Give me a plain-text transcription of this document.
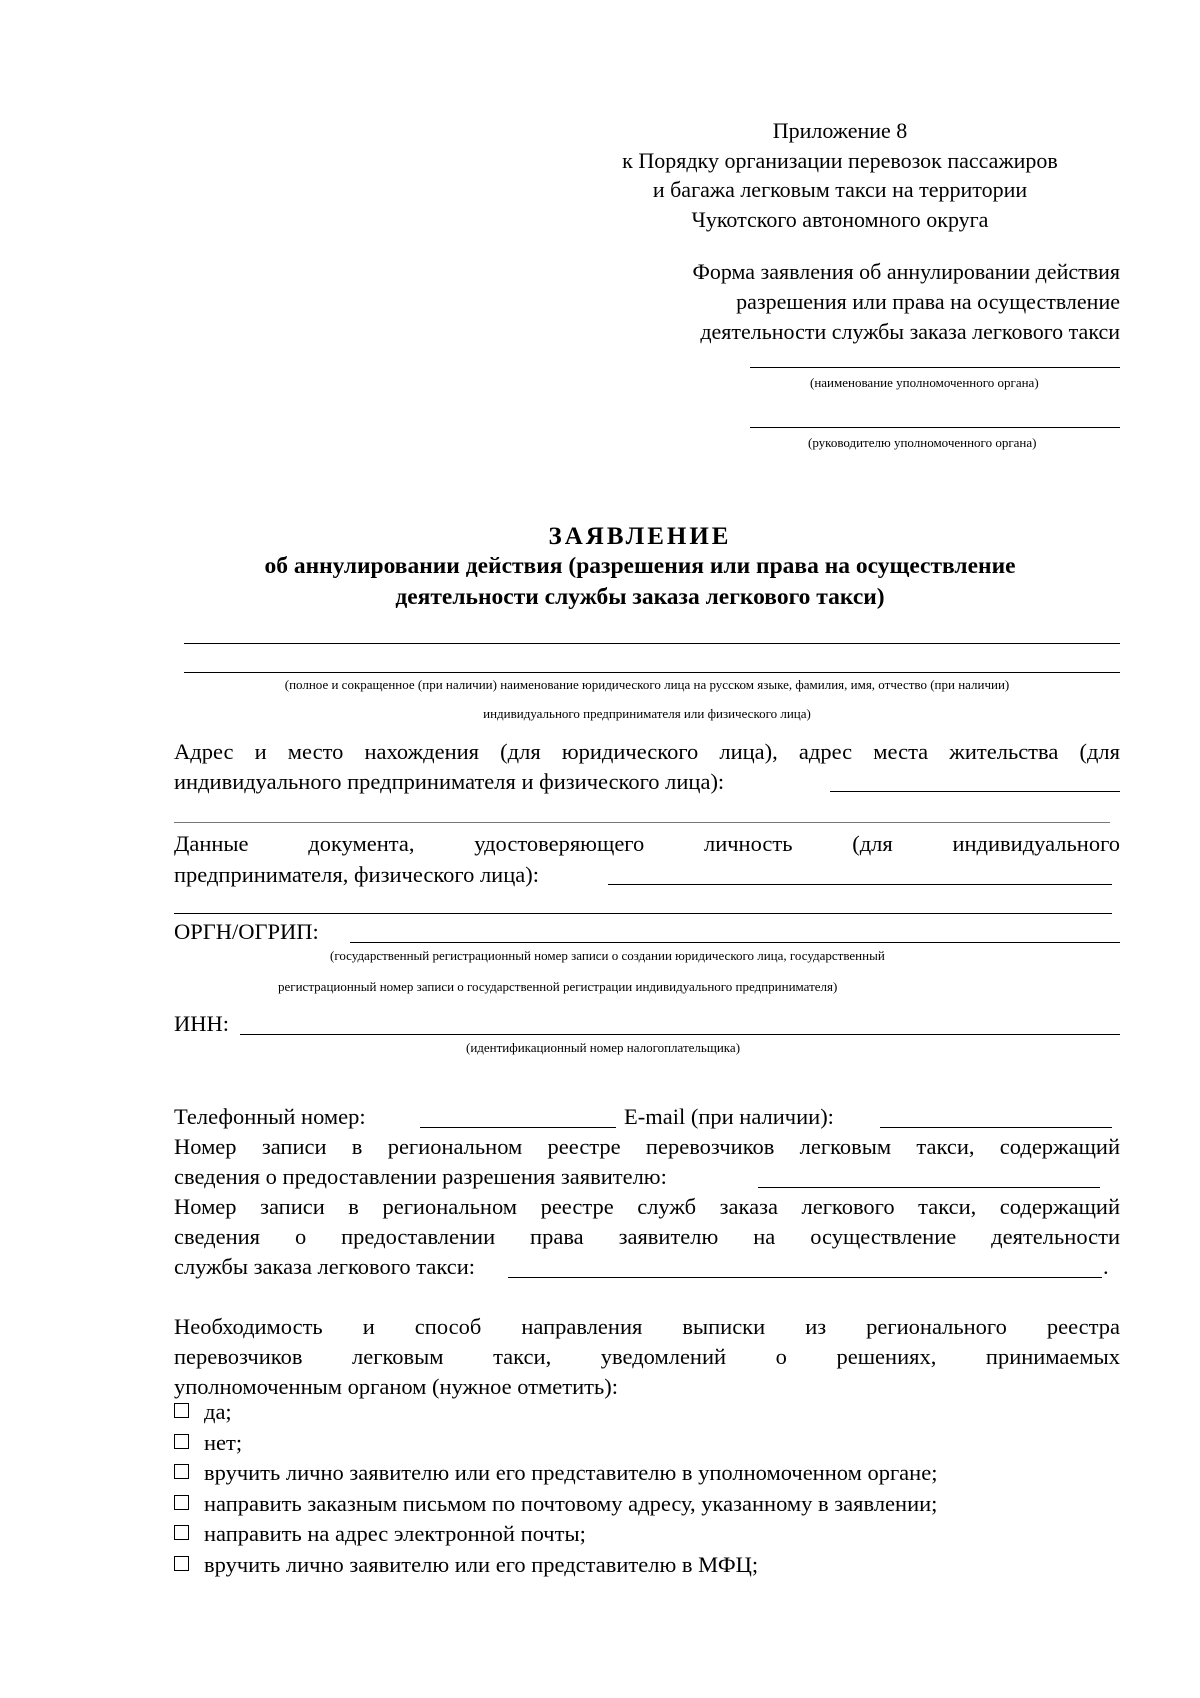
Приложение 8
к Порядку организации перевозок пассажиров
и багажа легковым такси на территории
Чукотского автономного округа
Форма заявления об аннулировании действия
разрешения или права на осуществление
деятельности службы заказа легкового такси
(наименование уполномоченного органа)
(руководителю уполномоченного органа)
ЗАЯВЛЕНИЕ
об аннулировании действия (разрешения или права на осуществление
деятельности службы заказа легкового такси)
(полное и сокращенное (при наличии) наименование юридического лица на русском языке, фамилия, имя, отчество (при наличии)
индивидуального предпринимателя или физического лица)
Адрес и место нахождения (для юридического лица), адрес места жительства (для
индивидуального предпринимателя и физического лица):
Данные документа, удостоверяющего личность (для индивидуального
предпринимателя, физического лица):
ОРГН/ОГРИП:
(государственный регистрационный номер записи о создании юридического лица, государственный
регистрационный номер записи о государственной регистрации индивидуального предпринимателя)
ИНН:
(идентификационный номер налогоплательщика)
Телефонный номер:	E-mail (при наличии):
Номер записи в региональном реестре перевозчиков легковым такси, содержащий
сведения о предоставлении разрешения заявителю:
Номер записи в региональном реестре служб заказа легкового такси, содержащий
сведения о предоставлении права заявителю на осуществление деятельности
службы заказа легкового такси:	.
Необходимость и способ направления выписки из регионального реестра
перевозчиков легковым такси, уведомлений о решениях, принимаемых
уполномоченным органом (нужное отметить):
да;
нет;
вручить лично заявителю или его представителю в уполномоченном органе;
направить заказным письмом по почтовому адресу, указанному в заявлении;
направить на адрес электронной почты;
вручить лично заявителю или его представителю в МФЦ;
